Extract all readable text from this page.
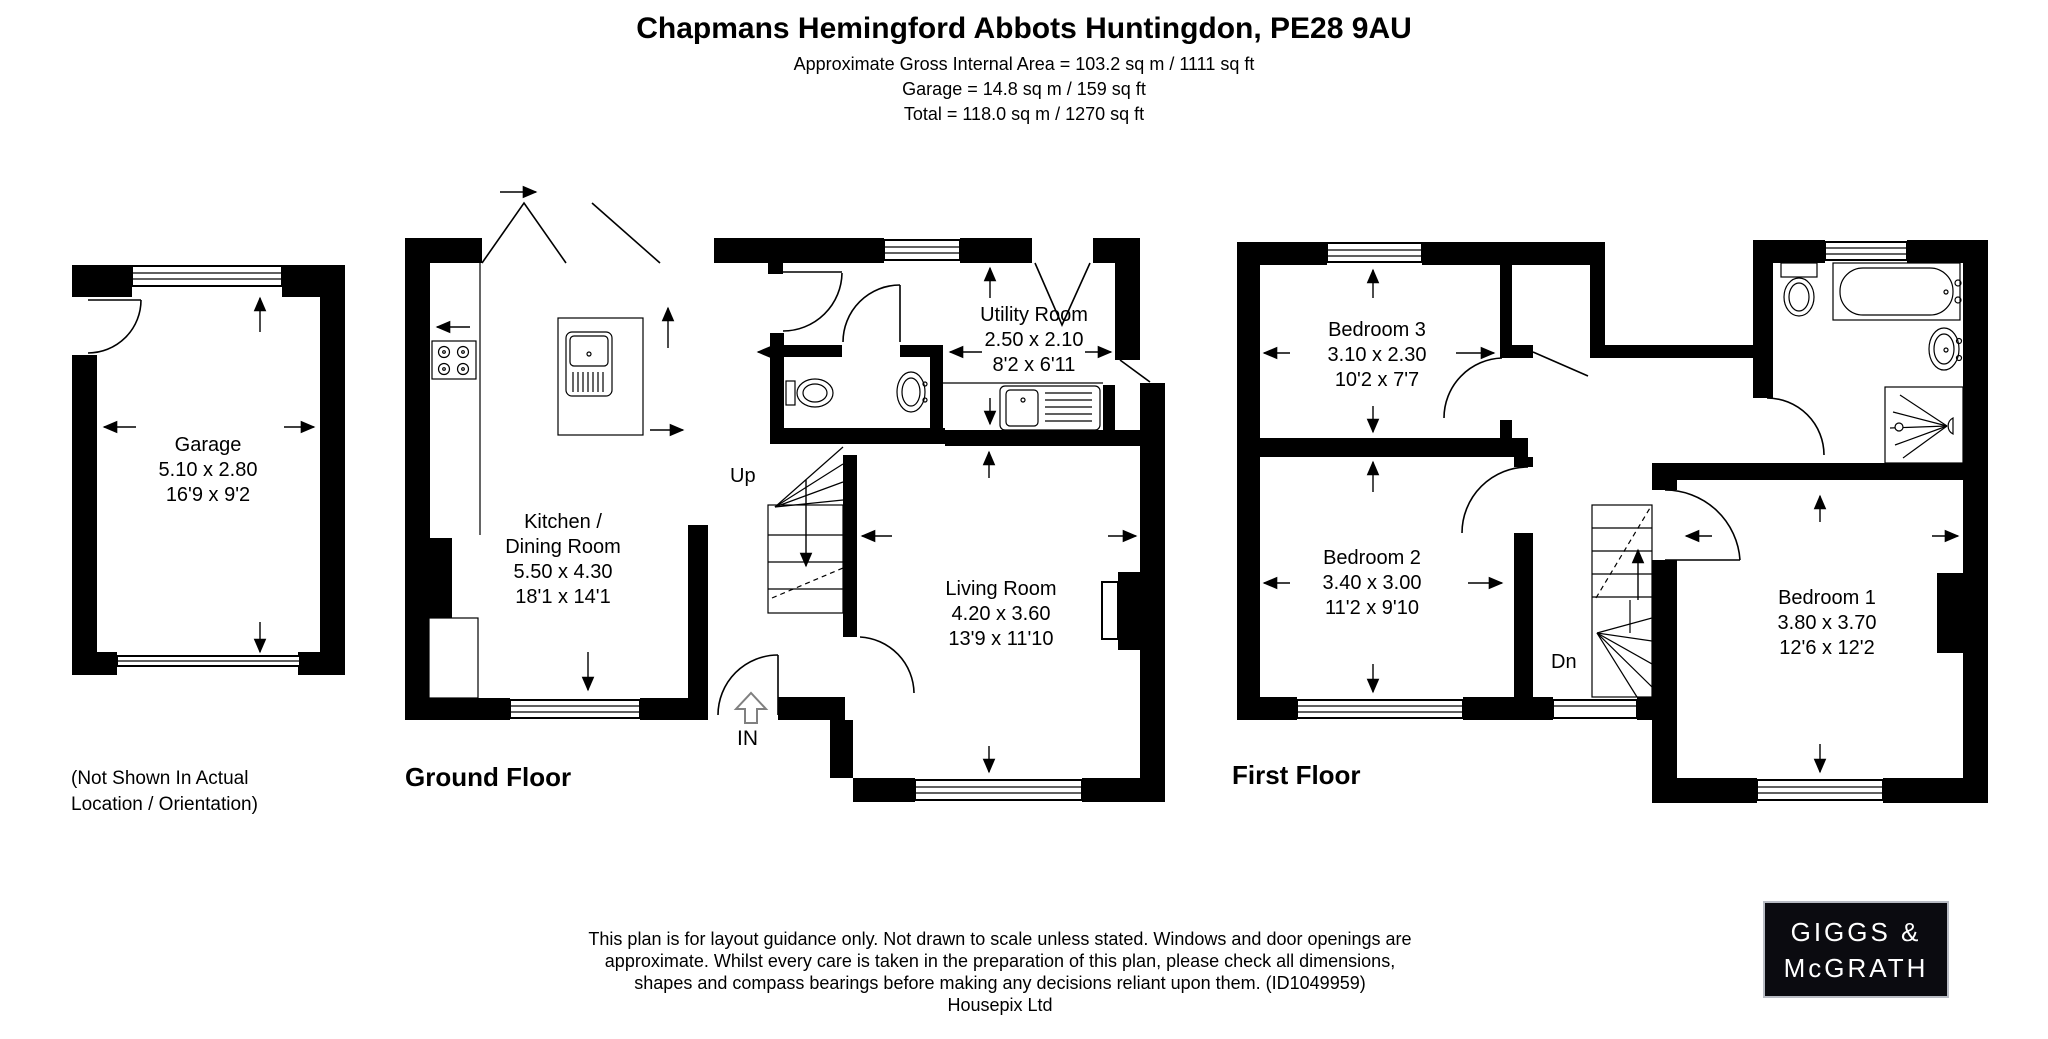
Chapmans Hemingford Abbots Huntingdon, PE28 9AU
Approximate Gross Internal Area = 103.2 sq m / 1111 sq ft
Garage = 14.8 sq m / 159 sq ft
Total = 118.0 sq m / 1270 sq ft
Garage
5.10 x 2.80
16'9 x 9'2
(Not Shown In Actual
Location / Orientation)
Kitchen /
Dining Room
5.50 x 4.30
18'1 x 14'1
Utility Room
2.50 x 2.10
8'2 x 6'11
Living Room
4.20 x 3.60
13'9 x 11'10
Bedroom 3
3.10 x 2.30
10'2 x 7'7
Bedroom 2
3.40 x 3.00
11'2 x 9'10	Bedroom 1
3.80 x 3.70
12'6 x 12'2
Up
Dn
IN
Ground Floor	First Floor
This plan is for layout guidance only. Not drawn to scale unless stated. Windows and door openings are approximate. Whilst every care is taken in the preparation of this plan, please check all dimensions, shapes and compass bearings before making any decisions reliant upon them. (ID1049959)
Housepix Ltd
GIGGS &
McGRATH
